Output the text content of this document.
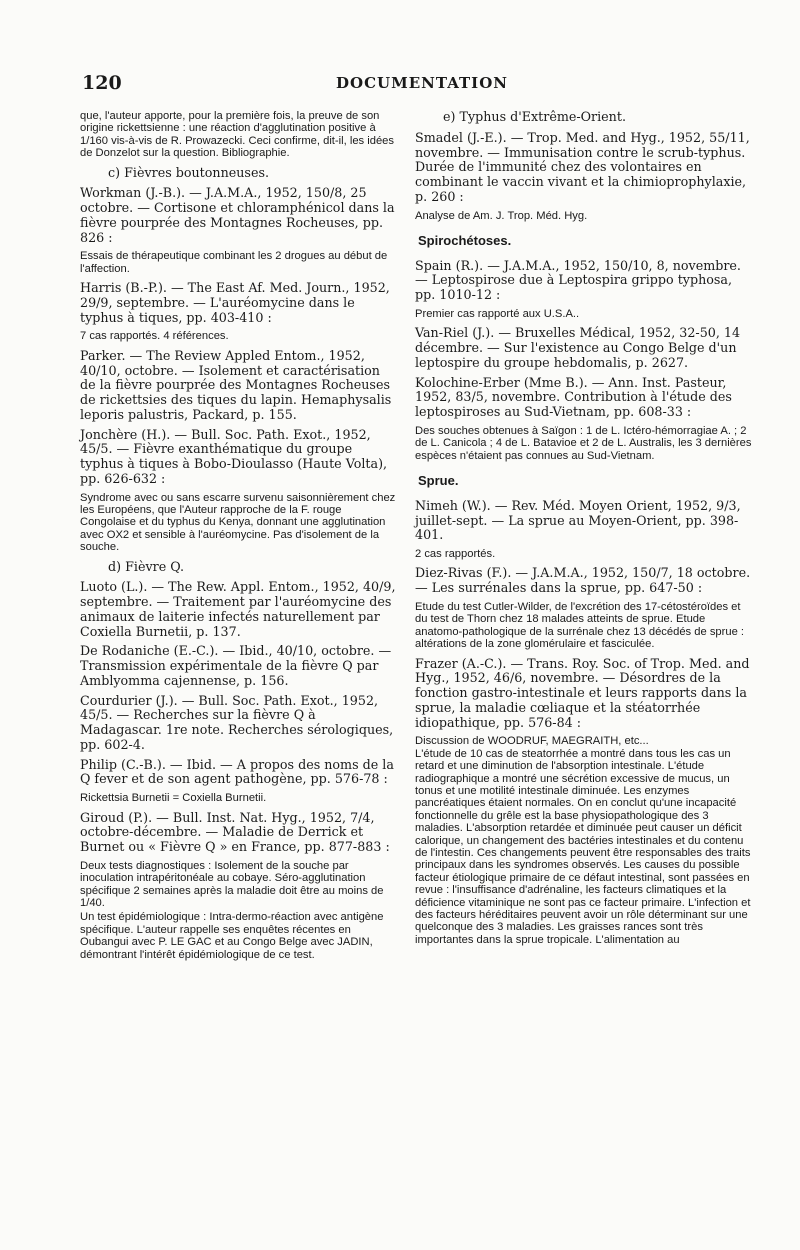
120	DOCUMENTATION

que, l'auteur apporte, pour la première fois, la preuve de son origine rickettsienne : une réaction d'agglutination positive à 1/160 vis-à-vis de R. Prowazecki. Ceci confirme, dit-il, les idées de Donzelot sur la question. Bibliographie.

c) Fièvres boutonneuses.

Workman (J.-B.). — J.A.M.A., 1952, 150/8, 25 octobre. — Cortisone et chloramphénicol dans la fièvre pourprée des Montagnes Rocheuses, pp. 826 :

Essais de thérapeutique combinant les 2 drogues au début de l'affection.

Harris (B.-P.). — The East Af. Med. Journ., 1952, 29/9, septembre. — L'auréomycine dans le typhus à tiques, pp. 403-410 :

7 cas rapportés. 4 références.

Parker. — The Review Appled Entom., 1952, 40/10, octobre. — Isolement et caractérisation de la fièvre pourprée des Montagnes Rocheuses de rickettsies des tiques du lapin. Hemaphysalis leporis palustris, Packard, p. 155.

Jonchère (H.). — Bull. Soc. Path. Exot., 1952, 45/5. — Fièvre exanthématique du groupe typhus à tiques à Bobo-Dioulasso (Haute Volta), pp. 626-632 :

Syndrome avec ou sans escarre survenu saisonnièrement chez les Européens, que l'Auteur rapproche de la F. rouge Congolaise et du typhus du Kenya, donnant une agglutination avec OX2 et sensible à l'auréomycine. Pas d'isolement de la souche.

d) Fièvre Q.

Luoto (L.). — The Rew. Appl. Entom., 1952, 40/9, septembre. — Traitement par l'auréomycine des animaux de laiterie infectés naturellement par Coxiella Burnetii, p. 137.

De Rodaniche (E.-C.). — Ibid., 40/10, octobre. — Transmission expérimentale de la fièvre Q par Amblyomma cajennense, p. 156.

Courdurier (J.). — Bull. Soc. Path. Exot., 1952, 45/5. — Recherches sur la fièvre Q à Madagascar. 1re note. Recherches sérologiques, pp. 602-4.

Philip (C.-B.). — Ibid. — A propos des noms de la Q fever et de son agent pathogène, pp. 576-78 :

Rickettsia Burnetii = Coxiella Burnetii.

Giroud (P.). — Bull. Inst. Nat. Hyg., 1952, 7/4, octobre-décembre. — Maladie de Derrick et Burnet ou « Fièvre Q » en France, pp. 877-883 :

Deux tests diagnostiques : Isolement de la souche par inoculation intrapéritonéale au cobaye. Séro-agglutination spécifique 2 semaines après la maladie doit être au moins de 1/40.

Un test épidémiologique : Intra-dermo-réaction avec antigène spécifique. L'auteur rappelle ses enquêtes récentes en Oubangui avec P. LE GAC et au Congo Belge avec JADIN, démontrant l'intérêt épidémiologique de ce test.

e) Typhus d'Extrême-Orient.

Smadel (J.-E.). — Trop. Med. and Hyg., 1952, 55/11, novembre. — Immunisation contre le scrub-typhus. Durée de l'immunité chez des volontaires en combinant le vaccin vivant et la chimioprophylaxie, p. 260 :

Analyse de Am. J. Trop. Méd. Hyg.

Spirochétoses.

Spain (R.). — J.A.M.A., 1952, 150/10, 8, novembre. — Leptospirose due à Leptospira grippo typhosa, pp. 1010-12 :

Premier cas rapporté aux U.S.A..

Van-Riel (J.). — Bruxelles Médical, 1952, 32-50, 14 décembre. — Sur l'existence au Congo Belge d'un leptospire du groupe hebdomalis, p. 2627.

Kolochine-Erber (Mme B.). — Ann. Inst. Pasteur, 1952, 83/5, novembre. Contribution à l'étude des leptospiroses au Sud-Vietnam, pp. 608-33 :

Des souches obtenues à Saïgon : 1 de L. Ictéro-hémorragiae A. ; 2 de L. Canicola ; 4 de L. Batavioe et 2 de L. Australis, les 3 dernières espèces n'étaient pas connues au Sud-Vietnam.

Sprue.

Nimeh (W.). — Rev. Méd. Moyen Orient, 1952, 9/3, juillet-sept. — La sprue au Moyen-Orient, pp. 398-401.

2 cas rapportés.

Diez-Rivas (F.). — J.A.M.A., 1952, 150/7, 18 octobre. — Les surrénales dans la sprue, pp. 647-50 :

Etude du test Cutler-Wilder, de l'excrétion des 17-cétostéroïdes et du test de Thorn chez 18 malades atteints de sprue. Etude anatomo-pathologique de la surrénale chez 13 décédés de sprue : altérations de la zone glomérulaire et fasciculée.

Frazer (A.-C.). — Trans. Roy. Soc. of Trop. Med. and Hyg., 1952, 46/6, novembre. — Désordres de la fonction gastro-intestinale et leurs rapports dans la sprue, la maladie cœliaque et la stéatorrhée idiopathique, pp. 576-84 :

Discussion de WOODRUF, MAEGRAITH, etc...

L'étude de 10 cas de steatorrhée a montré dans tous les cas un retard et une diminution de l'absorption intestinale. L'étude radiographique a montré une sécrétion excessive de mucus, un tonus et une motilité intestinale diminuée. Les enzymes pancréatiques étaient normales. On en conclut qu'une incapacité fonctionnelle du grêle est la base physiopathologique des 3 maladies. L'absorption retardée et diminuée peut causer un déficit calorique, un changement des bactéries intestinales et du contenu de l'intestin. Ces changements peuvent être responsables des traits principaux dans les syndromes observés. Les causes du possible facteur étiologique primaire de ce défaut intestinal, sont passées en revue : l'insuffisance d'adrénaline, les facteurs climatiques et la déficience vitaminique ne sont pas ce facteur primaire. L'infection et des facteurs héréditaires peuvent avoir un rôle déterminant sur une quelconque des 3 maladies. Les graisses rances sont très importantes dans la sprue tropicale. L'alimentation au
